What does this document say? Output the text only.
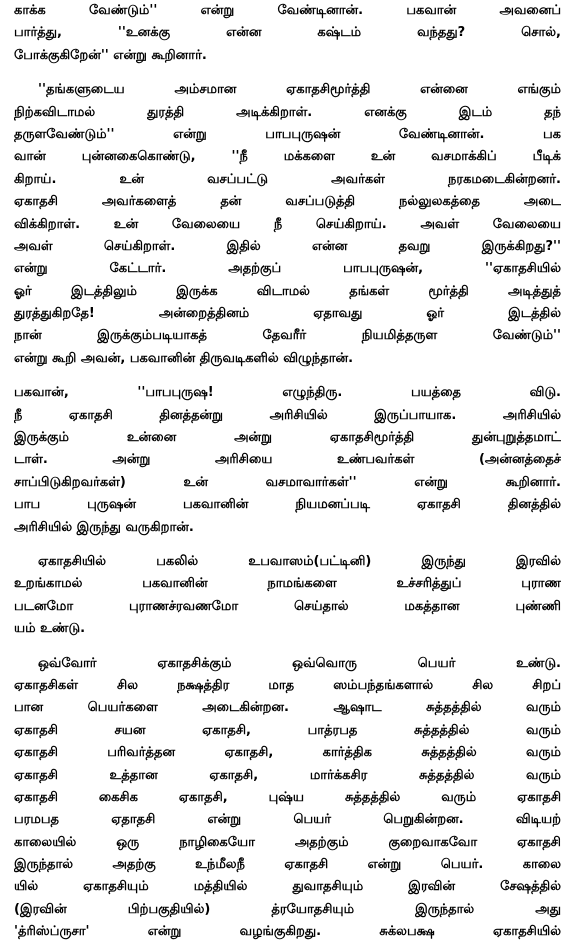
காக்க வேண்டும்'' என்று வேண்டினான். பகவான் அவனைப்
பார்த்து, ''உனக்கு என்ன கஷ்டம் வந்தது? சொல்,
போக்குகிறேன்'' என்று கூறினார்.
''தங்களுடைய அம்சமான ஏகாதசிமூர்த்தி என்னை எங்கும்
நிற்கவிடாமல் துரத்தி அடிக்கிறாள். எனக்கு இடம் தந்
தருளவேண்டும்'' என்று பாபபுருஷன் வேண்டினான். பக
வான் புன்னகைகொண்டு, ''நீ மக்களை உன் வசமாக்கிப் பீடிக்
கிறாய். உன் வசப்பட்டு அவர்கள் நரகமடைகின்றனர்.
ஏகாதசி அவர்களைத் தன் வசப்படுத்தி நல்லுலகத்தை அடை
விக்கிறாள். உன் வேலையை நீ செய்கிறாய். அவள் வேலையை
அவள் செய்கிறாள். இதில் என்ன தவறு இருக்கிறது?''
என்று கேட்டார். அதற்குப் பாபபுருஷன், ''ஏகாதசியில்
ஓர் இடத்திலும் இருக்க விடாமல் தங்கள் மூர்த்தி அடித்துத்
துரத்துகிறதே! அன்றைத்தினம் ஏதாவது ஓர் இடத்தில்
நான் இருக்கும்படியாகத் தேவரீர் நியமித்தருள வேண்டும்''
என்று கூறி அவன், பகவானின் திருவடிகளில் விழுந்தான்.
பகவான், ''பாபபுருஷ! எழுந்திரு. பயத்தை விடு.
நீ ஏகாதசி தினத்தன்று அரிசியில் இருப்பாயாக. அரிசியில்
இருக்கும் உன்னை அன்று ஏகாதசிமூர்த்தி துன்புறுத்தமாட்
டாள். அன்று அரிசியை உண்பவர்கள் (அன்னத்தைச்
சாப்பிடுகிறவர்கள்) உன் வசமாவார்கள்'' என்று கூறினார்.
பாப புருஷன் பகவானின் நியமனப்படி ஏகாதசி தினத்தில்
அரிசியில் இருந்து வருகிறான்.
ஏகாதசியில் பகலில் உபவாஸம்(பட்டினி) இருந்து இரவில்
உறங்காமல் பகவானின் நாமங்களை உச்சரித்துப் புராண
படனமோ புராணச்ரவணமோ செய்தால் மகத்தான புண்ணி
யம் உண்டு.
ஒவ்வோர் ஏகாதசிக்கும் ஒவ்வொரு பெயர் உண்டு.
ஏகாதசிகள் சில நக்ஷத்திர மாத ஸம்பந்தங்களால் சில சிறப்
பான பெயர்களை அடைகின்றன. ஆஷாட சுத்தத்தில் வரும்
ஏகாதசி சயன ஏகாதசி, பாத்ரபத சுத்தத்தில் வரும்
ஏகாதசி பரிவர்த்தன ஏகாதசி, கார்த்திக சுத்தத்தில் வரும்
ஏகாதசி உத்தான ஏகாதசி, மார்க்கசிர சுத்தத்தில் வரும்
ஏகாதசி கைசிக ஏகாதசி, புஷ்ய சுத்தத்தில் வரும் ஏகாதசி
பரமபத ஏதாதசி என்று பெயர் பெறுகின்றன. விடியற்
காலையில் ஒரு நாழிகையோ அதற்கும் குறைவாகவோ ஏகாதசி
இருந்தால் அதற்கு உந்மீலநீ ஏகாதசி என்று பெயர். காலை
யில் ஏகாதசியும் மத்தியில் துவாதசியும் இரவின் சேஷத்தில்
(இரவின் பிற்பகுதியில்) த்ரயோதசியும் இருந்தால் அது
'த்ரிஸ்ப்ருசா' என்று வழங்குகிறது. சுக்லபக்ஷ ஏகாதசியில்
